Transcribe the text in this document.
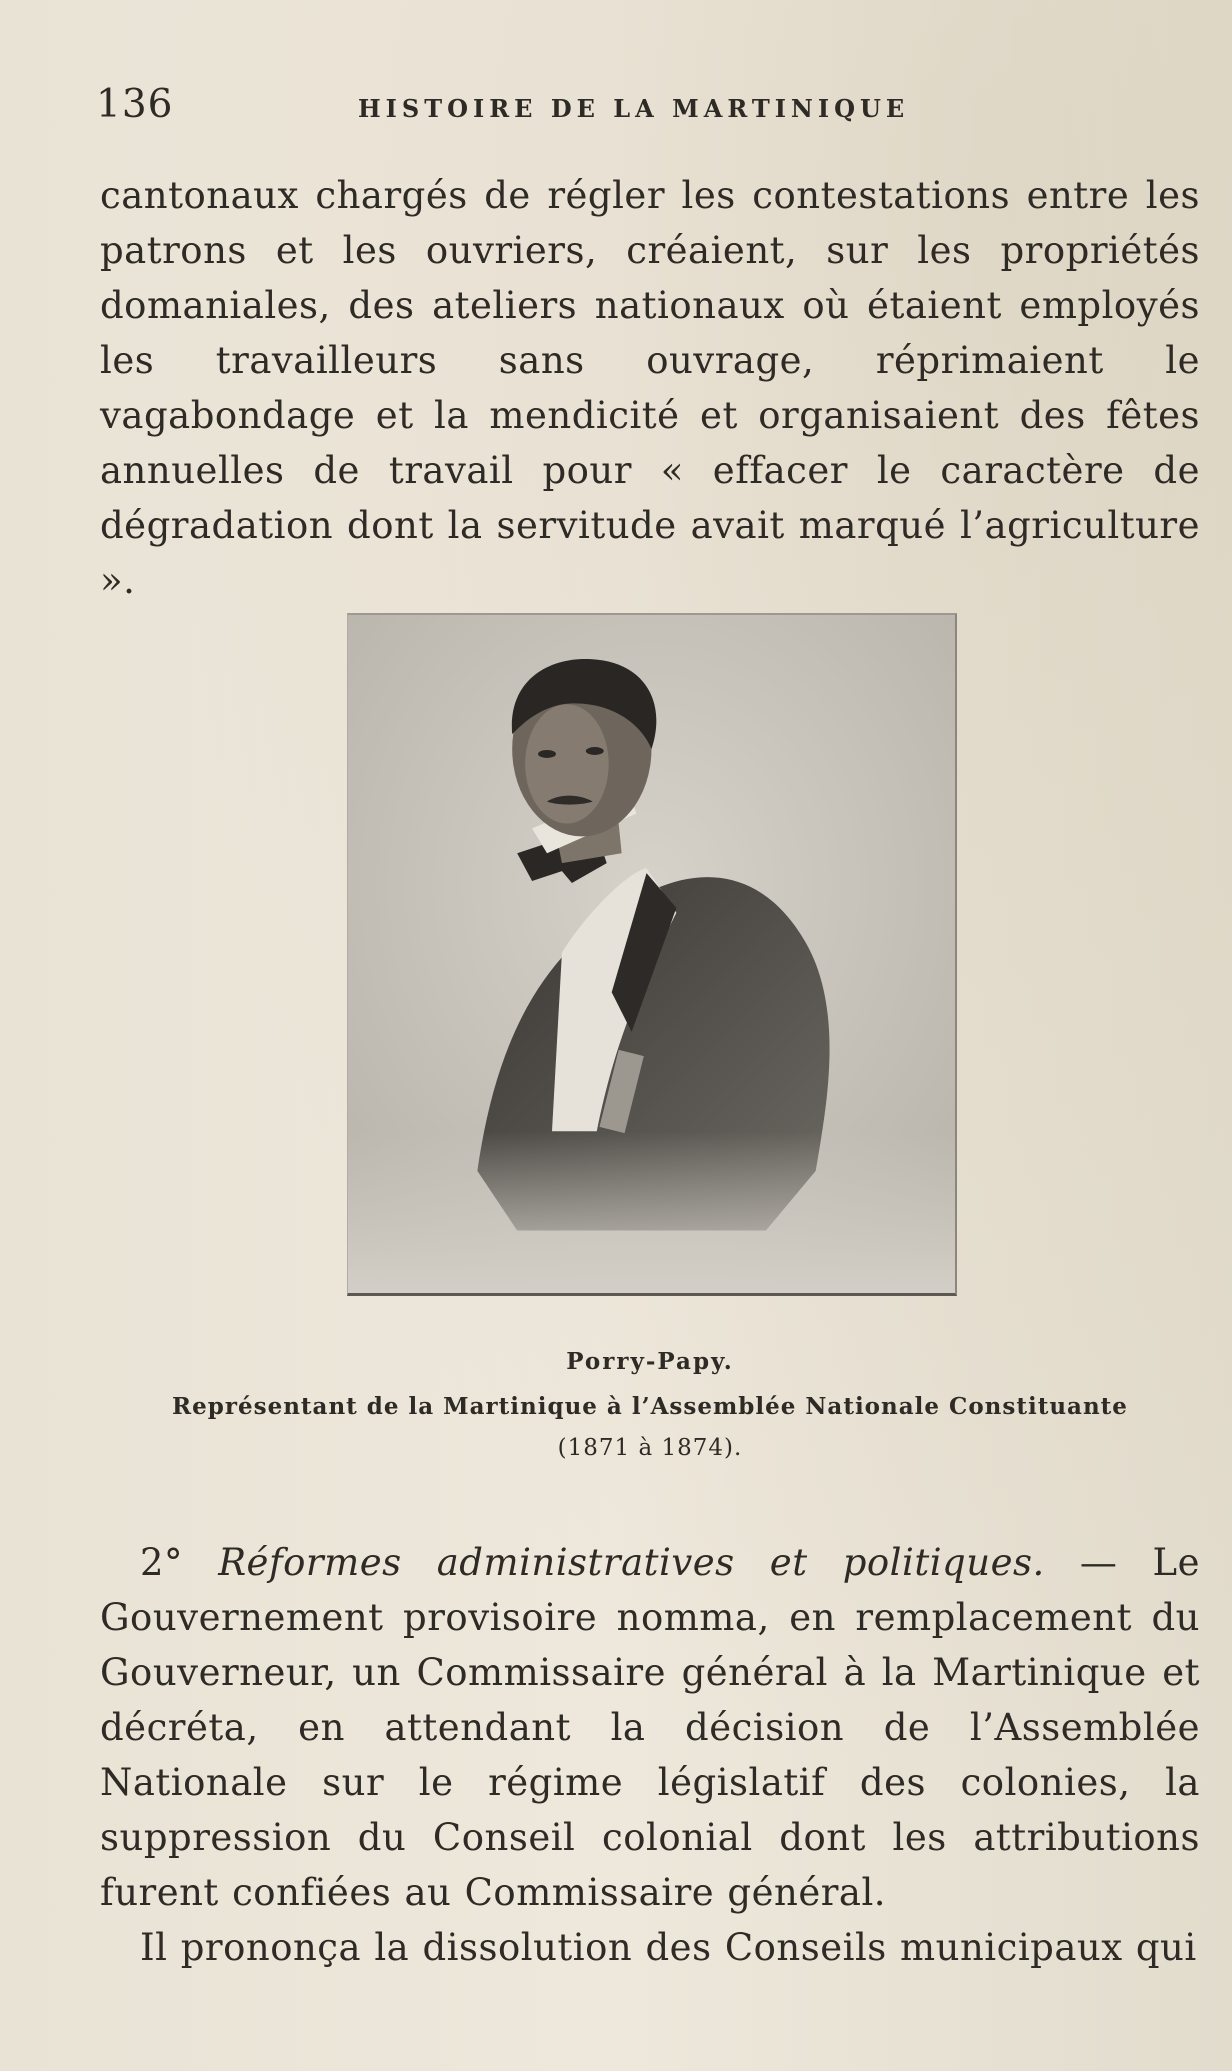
136	HISTOIRE DE LA MARTINIQUE
cantonaux chargés de régler les contestations entre les patrons et les ouvriers, créaient, sur les propriétés domaniales, des ateliers nationaux où étaient employés les travailleurs sans ouvrage, réprimaient le vagabondage et la mendicité et organisaient des fêtes annuelles de travail pour « effacer le caractère de dégradation dont la servitude avait marqué l’agriculture ».
Porry-Papy.
Représentant de la Martinique à l’Assemblée Nationale Constituante
(1871 à 1874).
2° Réformes administratives et politiques. — Le Gouvernement provisoire nomma, en remplacement du Gouverneur, un Commissaire général à la Martinique et décréta, en attendant la décision de l’Assemblée Nationale sur le régime législatif des colonies, la suppression du Conseil colonial dont les attributions furent confiées au Commissaire général.
Il prononça la dissolution des Conseils municipaux qui
